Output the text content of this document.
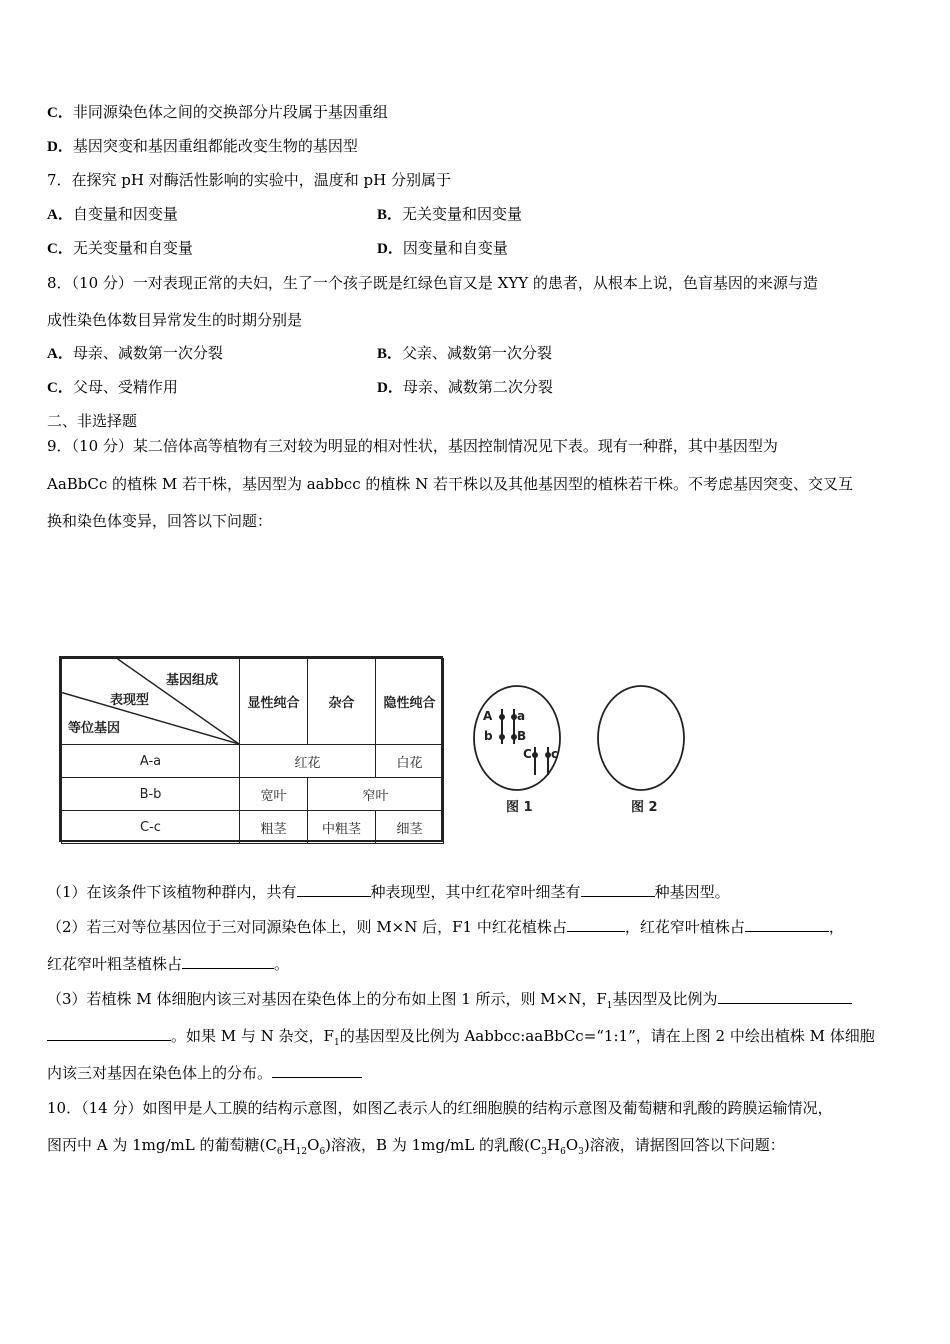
C．非同源染色体之间的交换部分片段属于基因重组
D．基因突变和基因重组都能改变生物的基因型
7．在探究 pH 对酶活性影响的实验中，温度和 pH 分别属于
A．自变量和因变量	B．无关变量和因变量
C．无关变量和自变量	D．因变量和自变量
8．（10 分）一对表现正常的夫妇，生了一个孩子既是红绿色盲又是 XYY 的患者，从根本上说，色盲基因的来源与造
成性染色体数目异常发生的时期分别是
A．母亲、减数第一次分裂	B．父亲、减数第一次分裂
C．父母、受精作用	D．母亲、减数第二次分裂
二、非选择题
9．（10 分）某二倍体高等植物有三对较为明显的相对性状，基因控制情况见下表。现有一种群，其中基因型为
AaBbCc 的植株 M 若干株，基因型为 aabbcc 的植株 N 若干株以及其他基因型的植株若干株。不考虑基因突变、交叉互
换和染色体变异，回答以下问题：
基因组成
表现型
等位基因	显性纯合	杂合	隐性纯合
A-a	红花		白花
B-b	宽叶	窄叶	
C-c	粗茎	中粗茎	细茎
A a
b B
C c
图 1	图 2
（1）在该条件下该植物种群内，共有	种表现型，其中红花窄叶细茎有	种基因型。
（2）若三对等位基因位于三对同源染色体上，则 M×N 后，F1 中红花植株占	，红花窄叶植株占	，
红花窄叶粗茎植株占	。
（3）若植株 M 体细胞内该三对基因在染色体上的分布如上图 1 所示，则 M×N，$F_1$基因型及比例为
。如果 M 与 N 杂交，$F_1$的基因型及比例为 Aabbcc:aaBbCc=“1:1”，请在上图 2 中绘出植株 M 体细胞
内该三对基因在染色体上的分布。
10．（14 分）如图甲是人工膜的结构示意图，如图乙表示人的红细胞膜的结构示意图及葡萄糖和乳酸的跨膜运输情况，
图丙中 A 为 1mg/mL 的葡萄糖$(C_6H_{12}O_6)$溶液，B 为 1mg/mL 的乳酸$(C_3H_6O_3)$溶液，请据图回答以下问题：
